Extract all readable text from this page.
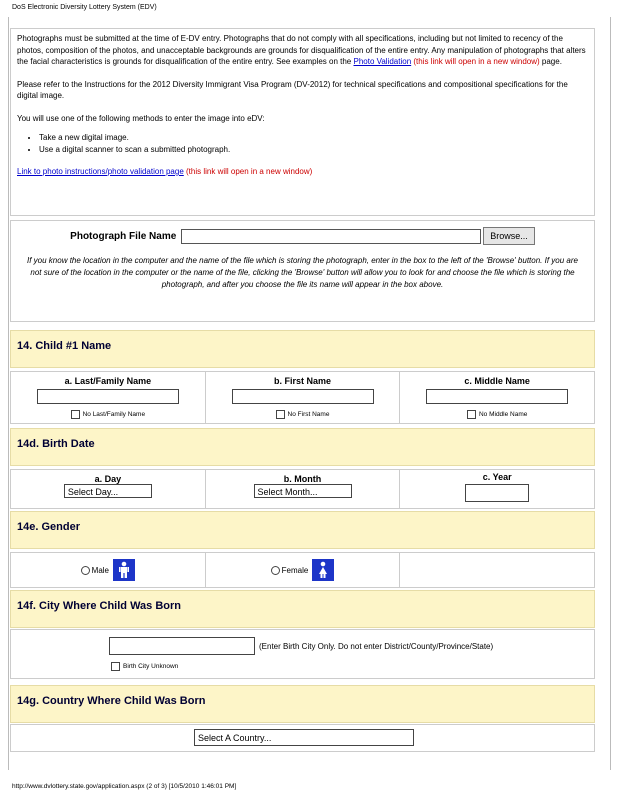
DoS Electronic Diversity Lottery System (EDV)
Photographs must be submitted at the time of E-DV entry. Photographs that do not comply with all specifications, including but not limited to recency of the photos, composition of the photos, and unacceptable backgrounds are grounds for disqualification of the entire entry. Any manipulation of photographs that alters the facial characteristics is grounds for disqualification of the entire entry. See examples on the Photo Validation (this link will open in a new window) page.
Please refer to the Instructions for the 2012 Diversity Immigrant Visa Program (DV-2012) for technical specifications and compositional specifications for the digital image.
You will use one of the following methods to enter the image into eDV:
• Take a new digital image.
• Use a digital scanner to scan a submitted photograph.
Link to photo instructions/photo validation page (this link will open in a new window)
Photograph File Name	Browse...
If you know the location in the computer and the name of the file which is storing the photograph, enter in the box to the left of the 'Browse' button. If you are not sure of the location in the computer or the name of the file, clicking the 'Browse' button will allow you to look for and choose the file which is storing the photograph, and after you choose the file its name will appear in the box above.
14. Child #1 Name
a. Last/Family Name
No Last/Family Name
b. First Name
No First Name
c. Middle Name
No Middle Name
14d. Birth Date
a. Day
Select Day...
b. Month
Select Month...
c. Year
14e. Gender
Male	Female
14f. City Where Child Was Born
(Enter Birth City Only. Do not enter District/County/Province/State)
Birth City Unknown
14g. Country Where Child Was Born
Select A Country...
http://www.dvlottery.state.gov/application.aspx (2 of 3) [10/5/2010 1:46:01 PM]
